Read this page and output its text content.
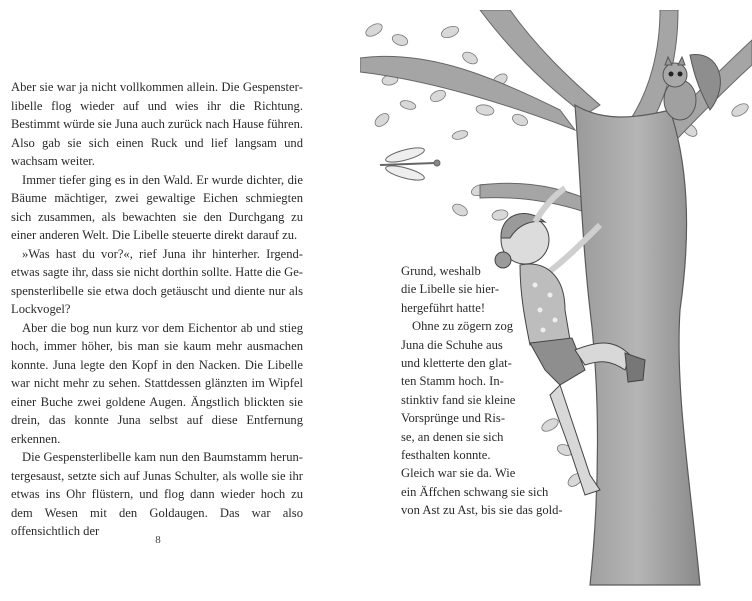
Aber sie war ja nicht vollkommen allein. Die Gespensterlibelle flog wieder auf und wies ihr die Richtung. Bestimmt würde sie Juna auch zurück nach Hause führen. Also gab sie sich einen Ruck und lief langsam und wachsam weiter.

Immer tiefer ging es in den Wald. Er wurde dichter, die Bäume mächtiger, zwei gewaltige Eichen schmiegten sich zusammen, als bewachten sie den Durchgang zu einer anderen Welt. Die Libelle steuerte direkt darauf zu.

»Was hast du vor?«, rief Juna ihr hinterher. Irgendetwas sagte ihr, dass sie nicht dorthin sollte. Hatte die Gespensterlibelle sie etwa doch getäuscht und diente nur als Lockvogel?

Aber die bog nun kurz vor dem Eichentor ab und stieg hoch, immer höher, bis man sie kaum mehr ausmachen konnte. Juna legte den Kopf in den Nacken. Die Libelle war nicht mehr zu sehen. Stattdessen glänzten im Wipfel einer Buche zwei goldene Augen. Ängstlich blickten sie drein, das konnte Juna selbst auf diese Entfernung erkennen.

Die Gespensterlibelle kam nun den Baumstamm heruntergesaust, setzte sich auf Junas Schulter, als wolle sie ihr etwas ins Ohr flüstern, und flog dann wieder hoch zu dem Wesen mit den Goldaugen. Das war also offensichtlich der

8
Grund, weshalb
die Libelle sie hier-
hergeführt hatte!
Ohne zu zögern zog
Juna die Schuhe aus
und kletterte den glat-
ten Stamm hoch. In-
stinktiv fand sie kleine
Vorsprünge und Ris-
se, an denen sie sich
festhalten konnte.
Gleich war sie da. Wie
ein Äffchen schwang sie sich
von Ast zu Ast, bis sie das gold-
